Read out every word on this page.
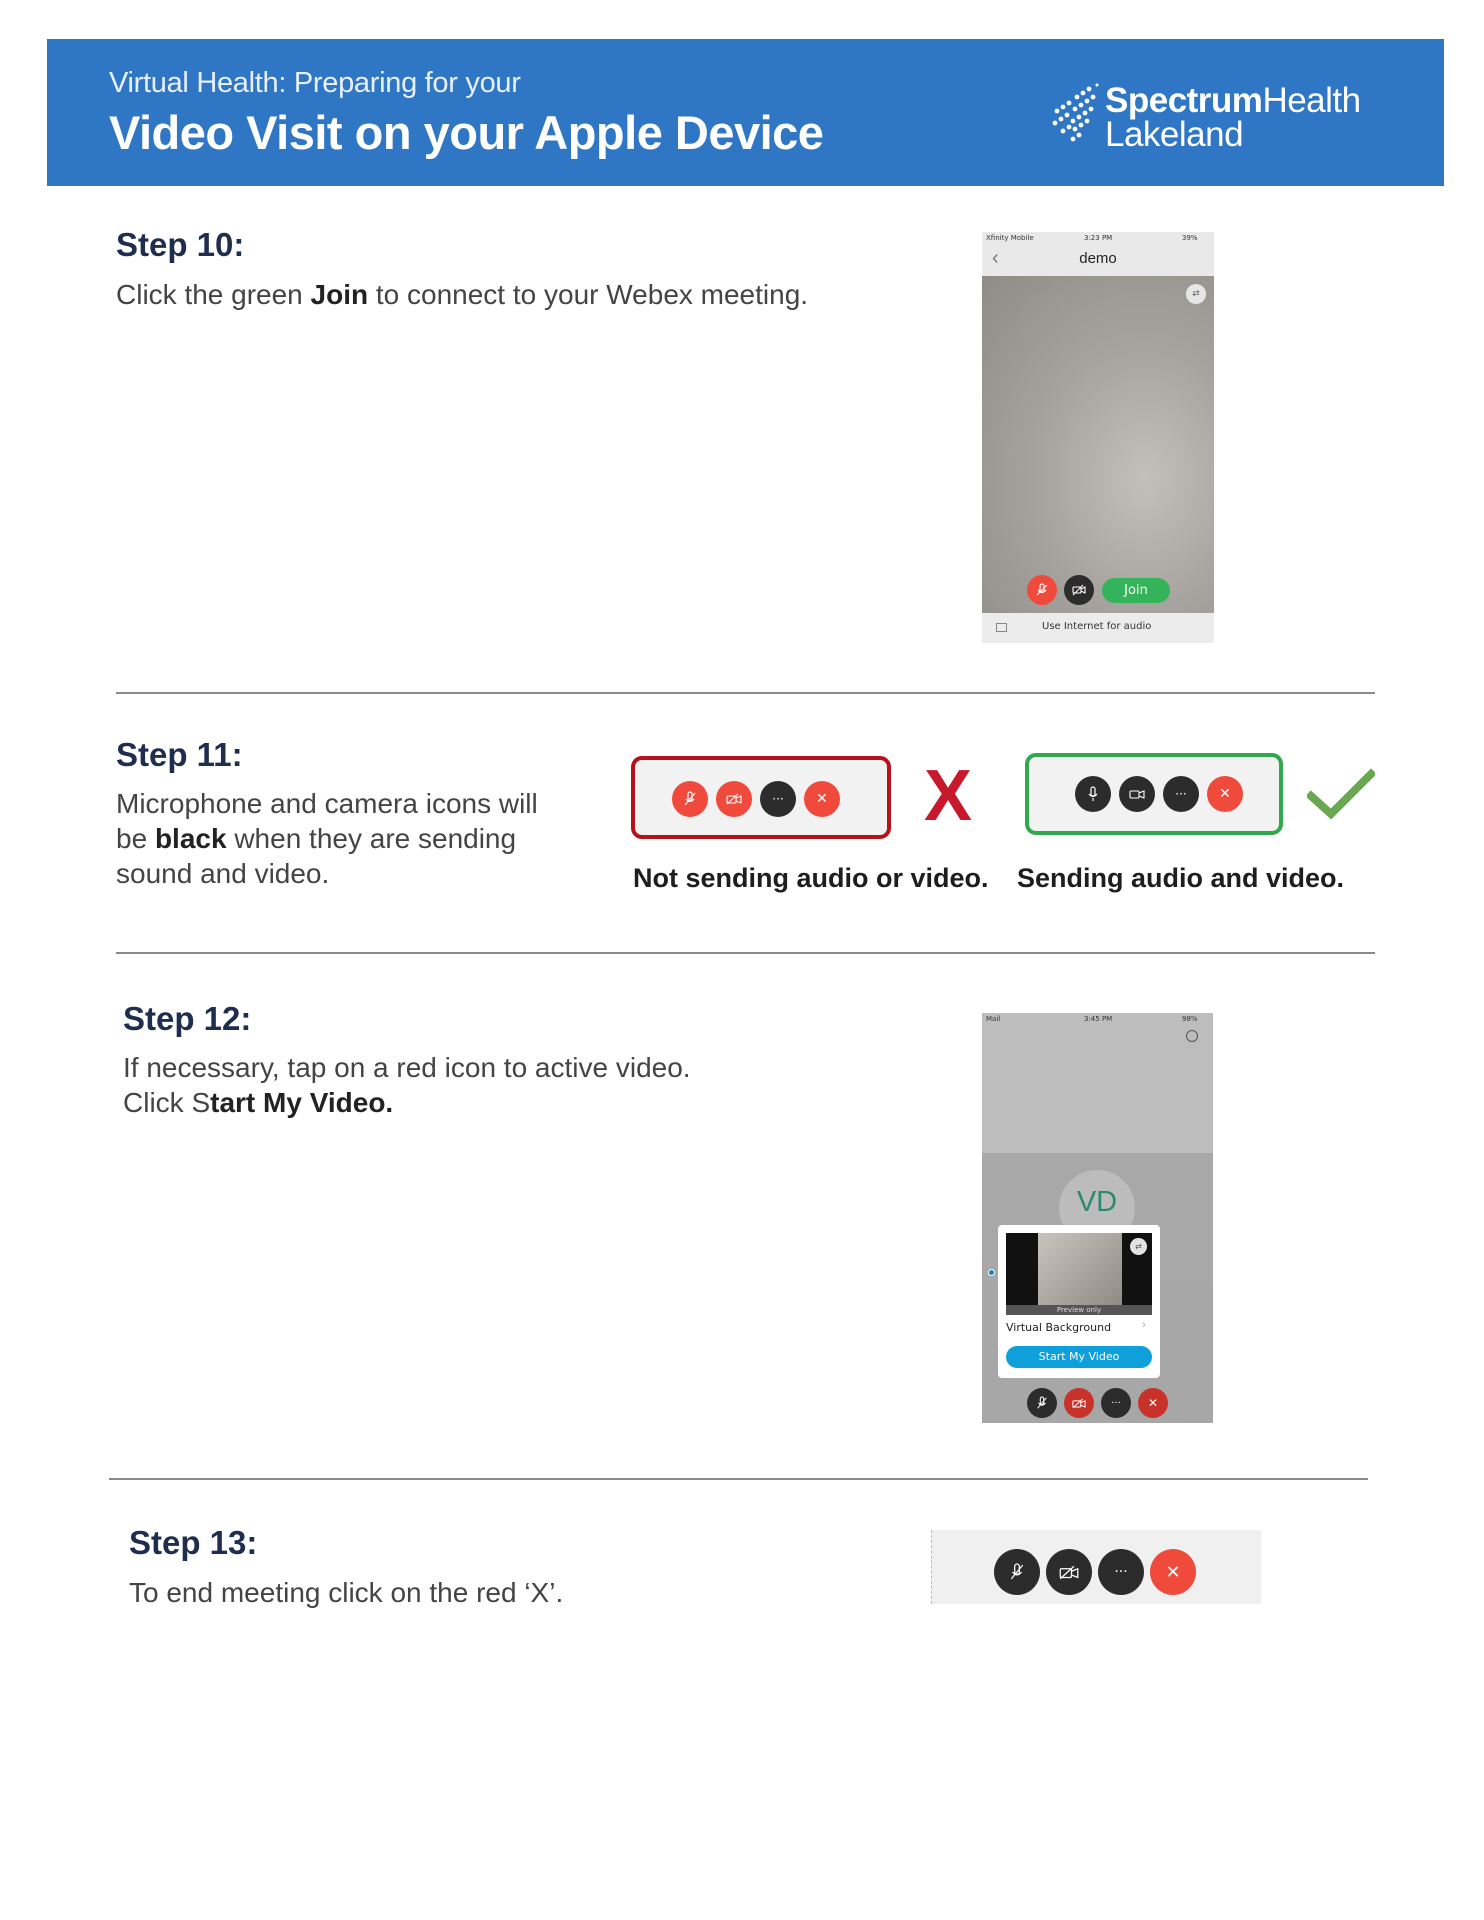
Virtual Health: Preparing for your
Video Visit on your Apple Device
SpectrumHealth
Lakeland
Step 10:
Click the green Join to connect to your Webex meeting.
Xfinity Mobile	3:23 PM	39%
‹	demo
⇄
Join
Use Internet for audio
Step 11:
Microphone and camera icons will
be black when they are sending
sound and video.
···	✕ X	···	✕
Not sending audio or video. Sending audio and video.
Step 12:
If necessary, tap on a red icon to active video.
Click Start My Video.
Mail	3:45 PM	98%
VD
⇄
Preview only
Virtual Background	›
Start My Video
···	✕
Step 13:
To end meeting click on the red ‘X’.
···	✕
